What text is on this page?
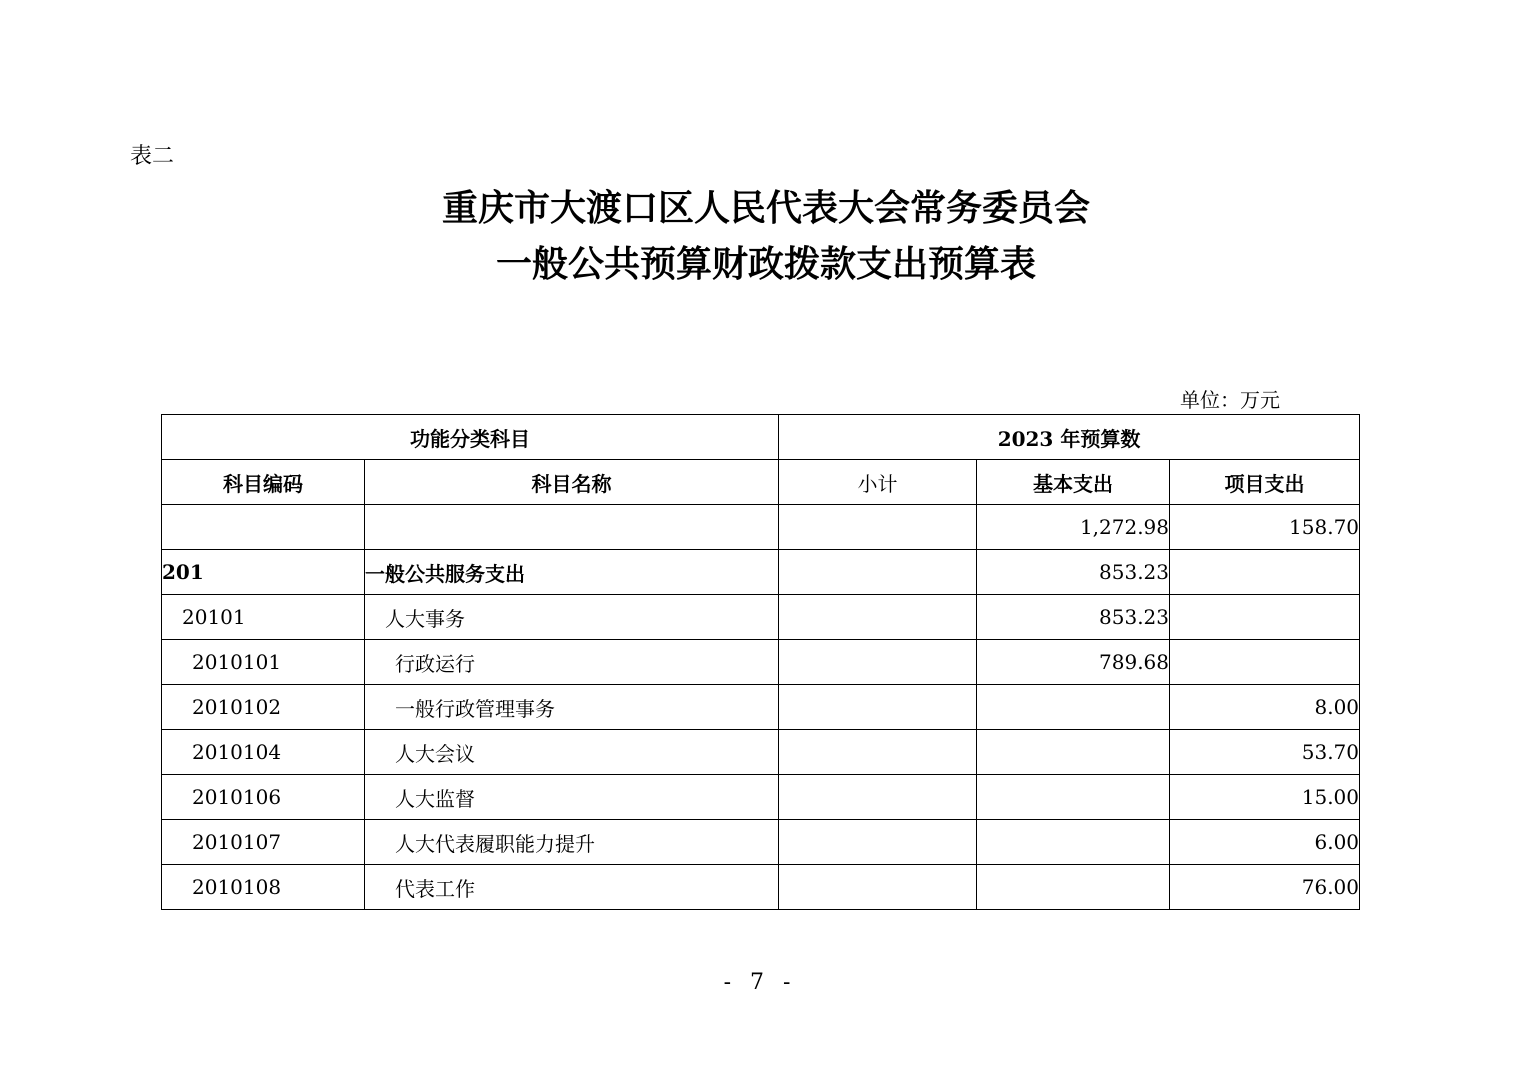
表二
重庆市大渡口区人民代表大会常务委员会
一般公共预算财政拨款支出预算表
单位：万元
功能分类科目		2023 年预算数		
科目编码	科目名称	小计	基本支出	项目支出
			1,272.98	158.70
201	一般公共服务支出		853.23	
20101	人大事务		853.23	
2010101	行政运行		789.68	
2010102	一般行政管理事务			8.00
2010104	人大会议			53.70
2010106	人大监督			15.00
2010107	人大代表履职能力提升			6.00
2010108	代表工作			76.00
- 7 -
